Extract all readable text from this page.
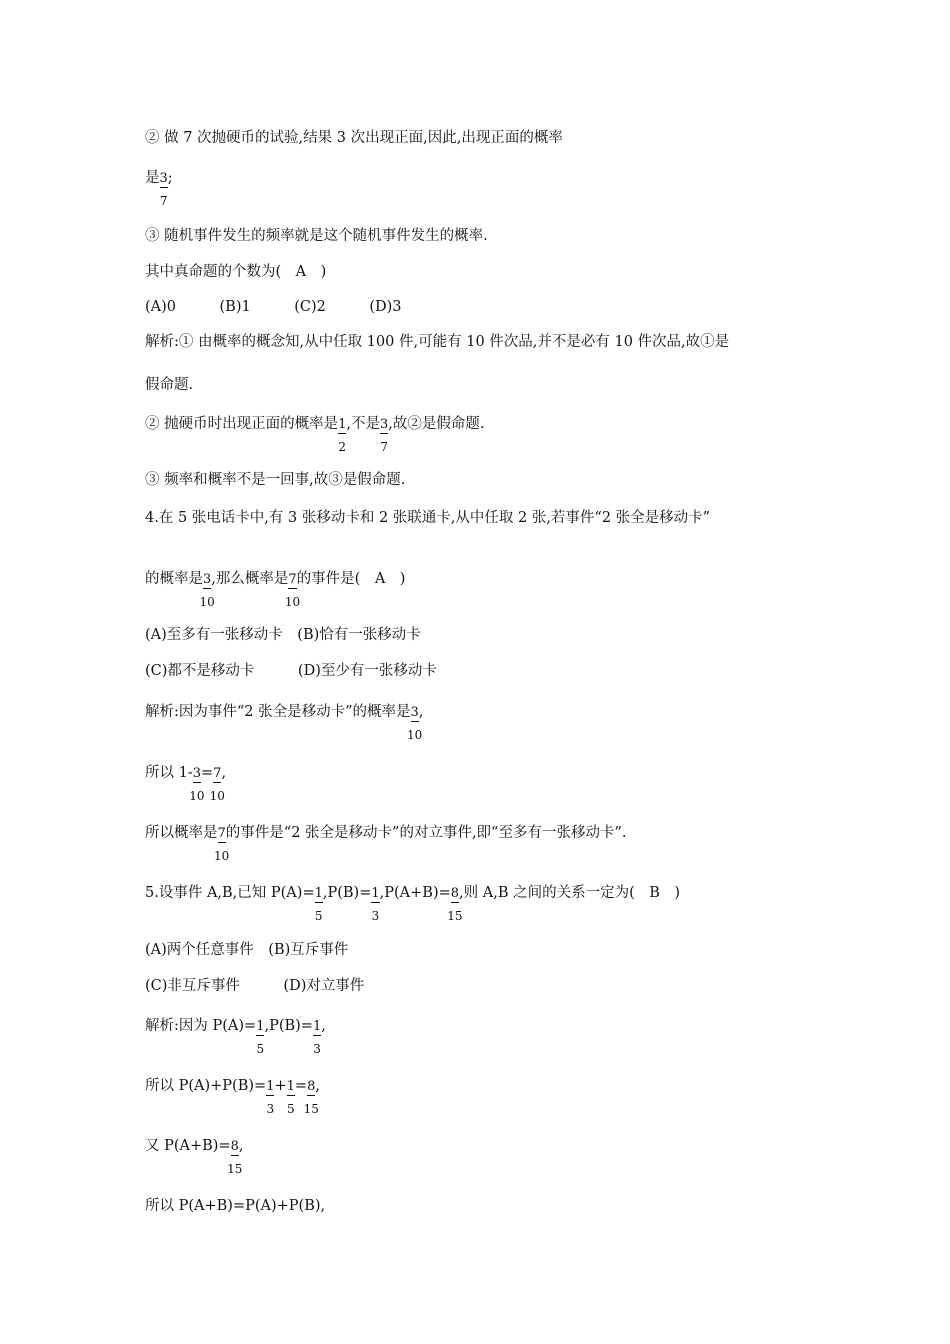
② 做 7 次抛硬币的试验,结果 3 次出现正面,因此,出现正面的概率
是 $\frac{3}{7}$ ;
③ 随机事件发生的频率就是这个随机事件发生的概率.
其中真命题的个数为(　A　)
(A)0　　　(B)1　　　(C)2　　　(D)3
解析:① 由概率的概念知,从中任取 100 件,可能有 10 件次品,并不是必有 10 件次品,故①是
假命题.
② 抛硬币时出现正面的概率是 $\frac{1}{2}$ ,不是 $\frac{3}{7}$ ,故②是假命题.
③ 频率和概率不是一回事,故③是假命题.
4.在 5 张电话卡中,有 3 张移动卡和 2 张联通卡,从中任取 2 张,若事件“2 张全是移动卡”
的概率是 $\frac{3}{10}$ ,那么概率是 $\frac{7}{10}$ 的事件是(　A　)
(A)至多有一张移动卡　(B)恰有一张移动卡
(C)都不是移动卡　　　(D)至少有一张移动卡
解析:因为事件“2 张全是移动卡”的概率是 $\frac{3}{10}$ ,
所以 $1- \frac{3}{10} = \frac{7}{10}$ ,
所以概率是 $\frac{7}{10}$ 的事件是“2 张全是移动卡”的对立事件,即“至多有一张移动卡”.
5.设事件 A,B,已知 $P(A)= \frac{1}{5} ,P(B)= \frac{1}{3} ,P(A+B)= \frac{8}{15}$ ,则 A,B 之间的关系一定为(　B　)
(A)两个任意事件　(B)互斥事件
(C)非互斥事件　　　(D)对立事件
解析:因为 $P(A)= \frac{1}{5} ,P(B)= \frac{1}{3}$ ,
所以 $P(A)+P(B)= \frac{1}{3} + \frac{1}{5} = \frac{8}{15}$ ,
又 $P(A+B)= \frac{8}{15}$ ,
所以 P(A+B)=P(A)+P(B),
